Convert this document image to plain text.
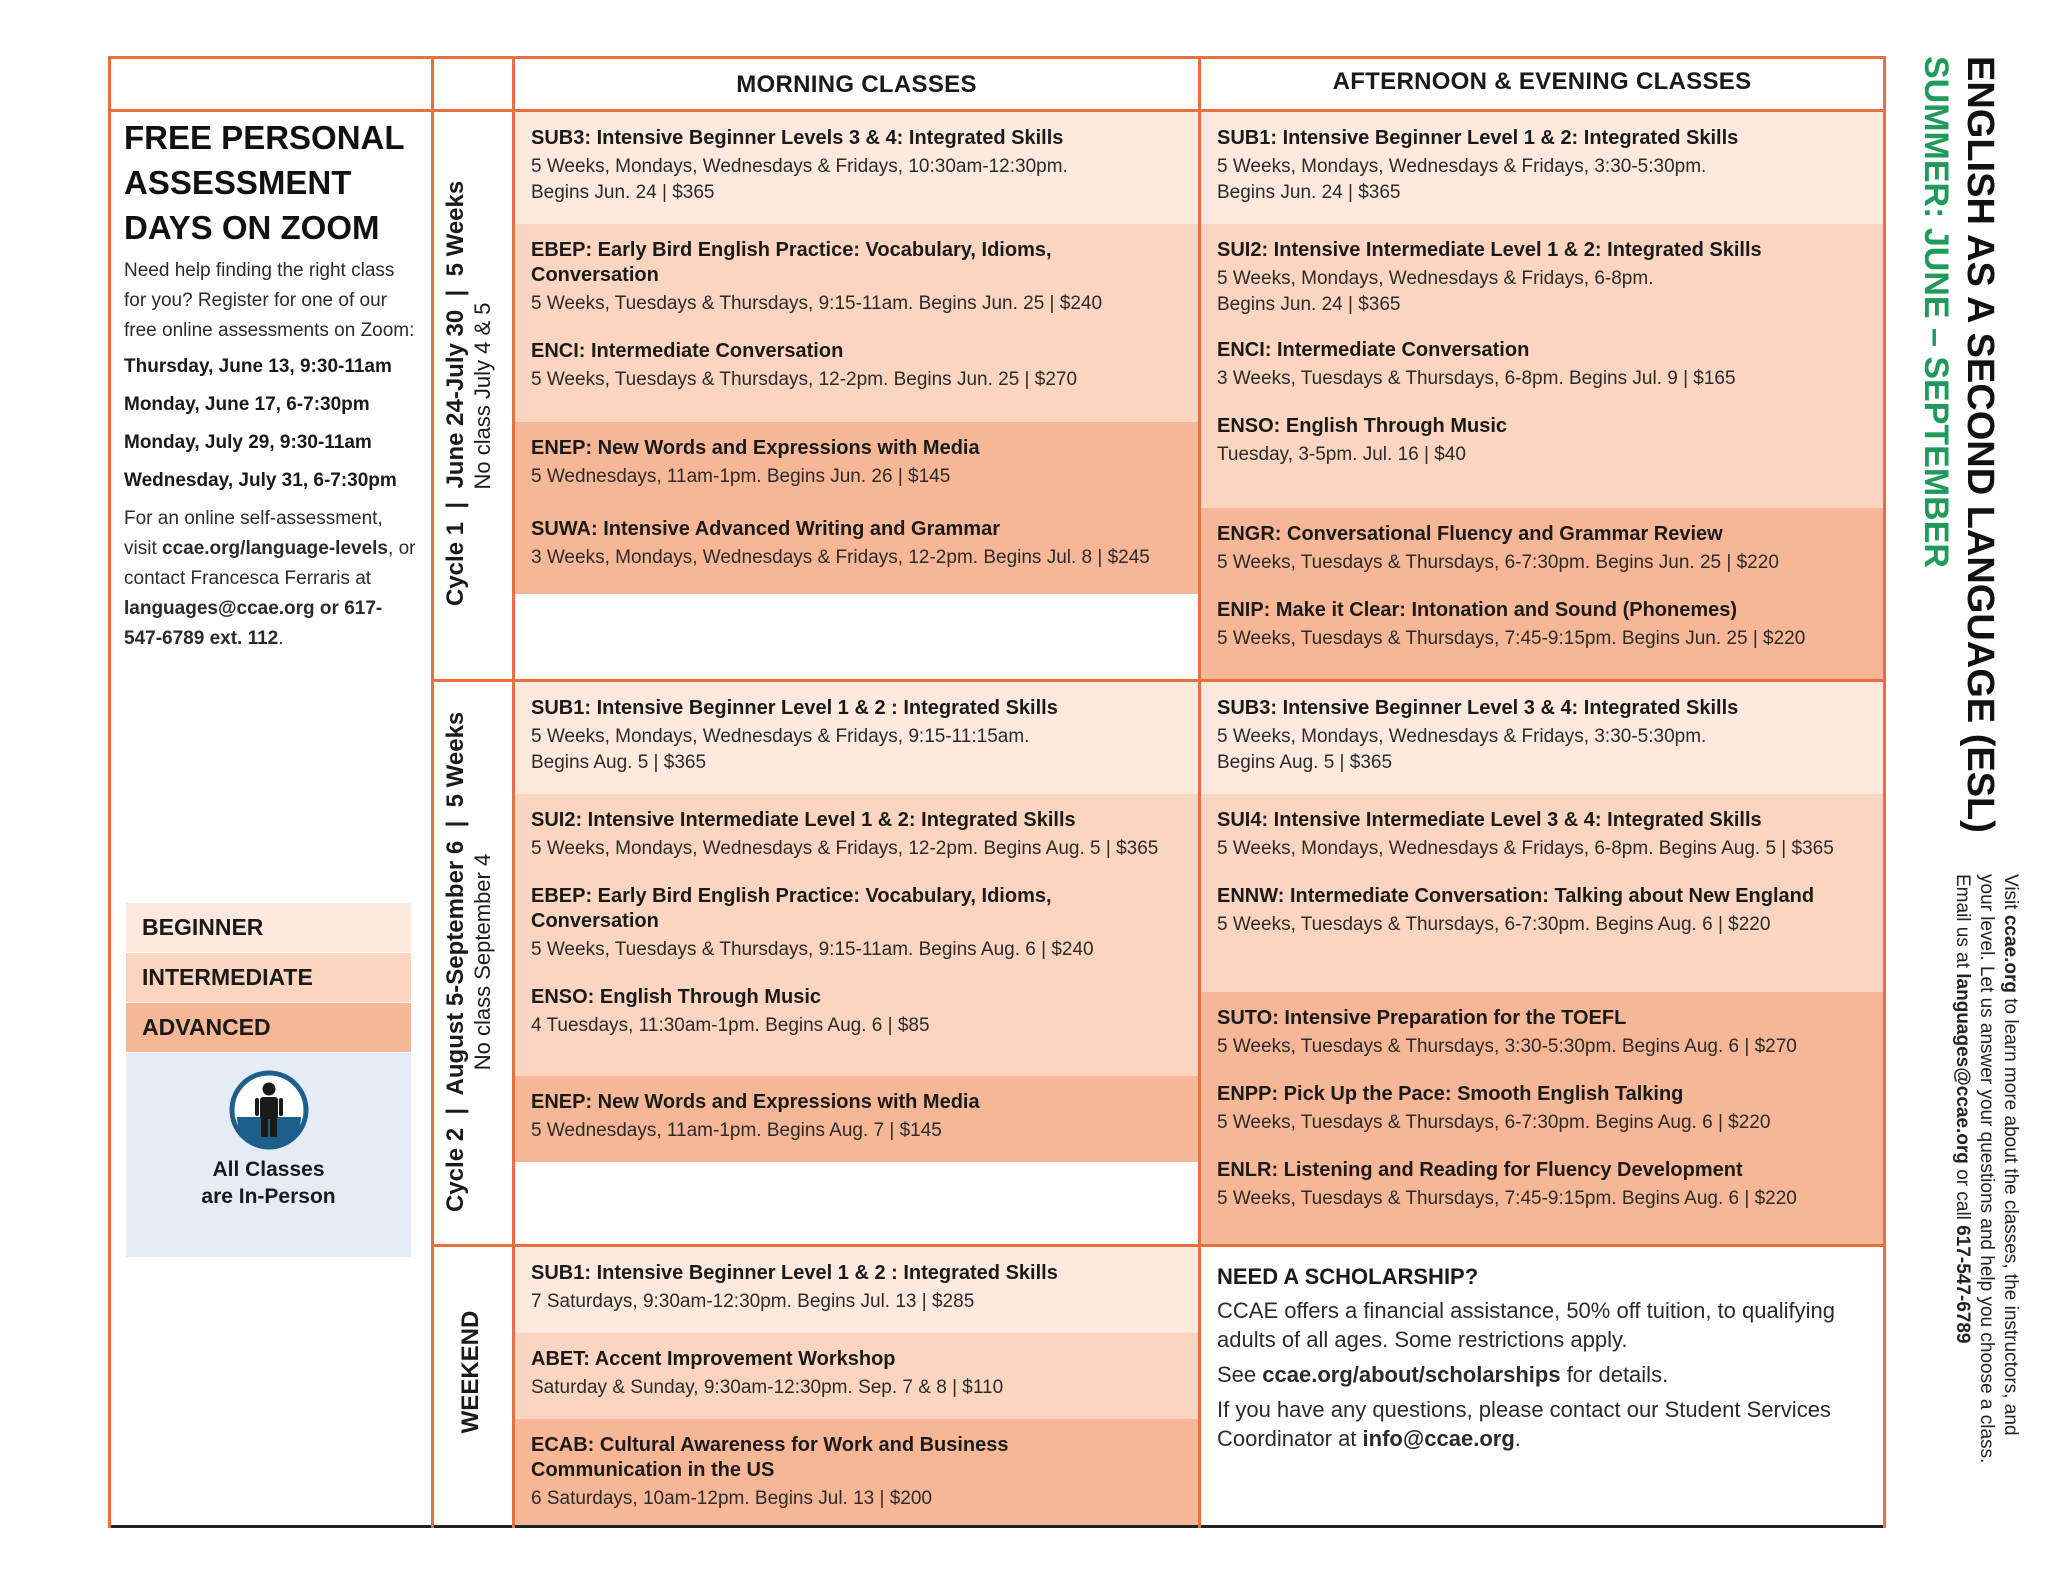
MORNING CLASSES	AFTERNOON & EVENING CLASSES
SUB3: Intensive Beginner Levels 3 & 4: Integrated Skills
5 Weeks, Mondays, Wednesdays & Fridays, 10:30am-12:30pm.
Begins Jun. 24 | $365
EBEP: Early Bird English Practice: Vocabulary, Idioms, Conversation
5 Weeks, Tuesdays & Thursdays, 9:15-11am. Begins Jun. 25 | $240
ENCI: Intermediate Conversation
5 Weeks, Tuesdays & Thursdays, 12-2pm. Begins Jun. 25 | $270
ENEP: New Words and Expressions with Media
5 Wednesdays, 11am-1pm. Begins Jun. 26 | $145
SUWA: Intensive Advanced Writing and Grammar
3 Weeks, Mondays, Wednesdays & Fridays, 12-2pm. Begins Jul. 8 | $245
SUB1: Intensive Beginner Level 1 & 2: Integrated Skills
5 Weeks, Mondays, Wednesdays & Fridays, 3:30-5:30pm.
Begins Jun. 24 | $365
SUI2: Intensive Intermediate Level 1 & 2: Integrated Skills
5 Weeks, Mondays, Wednesdays & Fridays, 6-8pm.
Begins Jun. 24 | $365
ENCI: Intermediate Conversation
3 Weeks, Tuesdays & Thursdays, 6-8pm. Begins Jul. 9 | $165
ENSO: English Through Music
Tuesday, 3-5pm. Jul. 16 | $40
ENGR: Conversational Fluency and Grammar Review
5 Weeks, Tuesdays & Thursdays, 6-7:30pm. Begins Jun. 25 | $220
ENIP: Make it Clear: Intonation and Sound (Phonemes)
5 Weeks, Tuesdays & Thursdays, 7:45-9:15pm. Begins Jun. 25 | $220
SUB1: Intensive Beginner Level 1 & 2 : Integrated Skills
5 Weeks, Mondays, Wednesdays & Fridays, 9:15-11:15am.
Begins Aug. 5 | $365
SUI2: Intensive Intermediate Level 1 & 2: Integrated Skills
5 Weeks, Mondays, Wednesdays & Fridays, 12-2pm. Begins Aug. 5 | $365
EBEP: Early Bird English Practice: Vocabulary, Idioms, Conversation
5 Weeks, Tuesdays & Thursdays, 9:15-11am. Begins Aug. 6 | $240
ENSO: English Through Music
4 Tuesdays, 11:30am-1pm. Begins Aug. 6 | $85
ENEP: New Words and Expressions with Media
5 Wednesdays, 11am-1pm. Begins Aug. 7 | $145
SUB3: Intensive Beginner Level 3 & 4: Integrated Skills
5 Weeks, Mondays, Wednesdays & Fridays, 3:30-5:30pm.
Begins Aug. 5 | $365
SUI4: Intensive Intermediate Level 3 & 4: Integrated Skills
5 Weeks, Mondays, Wednesdays & Fridays, 6-8pm. Begins Aug. 5 | $365
ENNW: Intermediate Conversation: Talking about New England
5 Weeks, Tuesdays & Thursdays, 6-7:30pm. Begins Aug. 6 | $220
SUTO: Intensive Preparation for the TOEFL
5 Weeks, Tuesdays & Thursdays, 3:30-5:30pm. Begins Aug. 6 | $270
ENPP: Pick Up the Pace: Smooth English Talking
5 Weeks, Tuesdays & Thursdays, 6-7:30pm. Begins Aug. 6 | $220
ENLR: Listening and Reading for Fluency Development
5 Weeks, Tuesdays & Thursdays, 7:45-9:15pm. Begins Aug. 6 | $220
SUB1: Intensive Beginner Level 1 & 2 : Integrated Skills
7 Saturdays, 9:30am-12:30pm. Begins Jul. 13 | $285
ABET: Accent Improvement Workshop
Saturday & Sunday, 9:30am-12:30pm. Sep. 7 & 8 | $110
ECAB: Cultural Awareness for Work and Business Communication in the US
6 Saturdays, 10am-12pm. Begins Jul. 13 | $200
NEED A SCHOLARSHIP?
CCAE offers a financial assistance, 50% off tuition, to qualifying adults of all ages. Some restrictions apply.
See ccae.org/about/scholarships for details.
If you have any questions, please contact our Student Services Coordinator at info@ccae.org.
Cycle 1  |  June 24-July 30  |  5 Weeks No class July 4 & 5
Cycle 2  |  August 5-September 6  |  5 Weeks No class September 4
WEEKEND
FREE PERSONAL
ASSESSMENT
DAYS ON ZOOM
Need help finding the right class for you? Register for one of our free online assessments on Zoom:
Thursday, June 13, 9:30-11am
Monday, June 17, 6-7:30pm
Monday, July 29, 9:30-11am
Wednesday, July 31, 6-7:30pm
For an online self-assessment, visit ccae.org/language-levels, or contact Francesca Ferraris at languages@ccae.org or 617-547-6789 ext. 112.
BEGINNER
INTERMEDIATE
ADVANCED
All Classes
are In-Person
ENGLISH AS A SECOND LANGUAGE (ESL)
SUMMER: JUNE – SEPTEMBER
Visit ccae.org to learn more about the classes, the instructors, and
your level. Let us answer your questions and help you choose a class.
Email us at languages@ccae.org or call 617-547-6789
